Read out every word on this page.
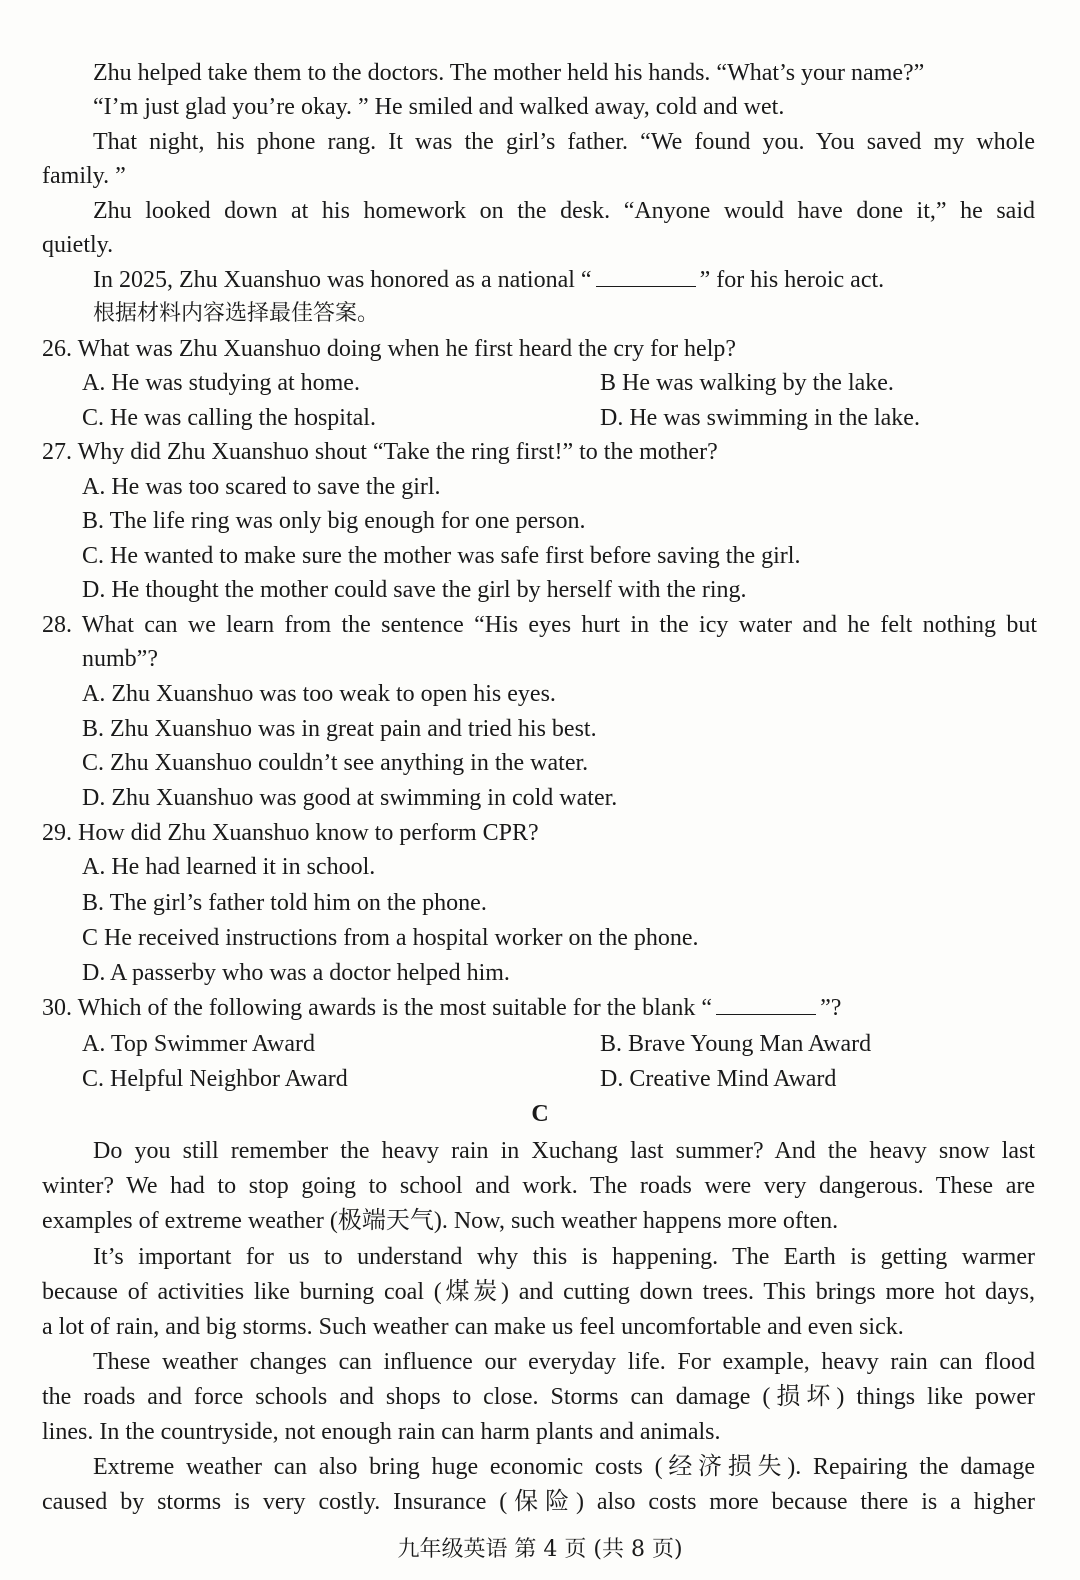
Zhu helped take them to the doctors. The mother held his hands. “What’s your name?”
“I’m just glad you’re okay. ” He smiled and walked away, cold and wet.
That night, his phone rang. It was the girl’s father. “We found you. You saved my whole
family. ”
Zhu looked down at his homework on the desk. “Anyone would have done it,” he said
quietly.
In 2025, Zhu Xuanshuo was honored as a national “	” for his heroic act.
根据材料内容选择最佳答案。
26. What was Zhu Xuanshuo doing when he first heard the cry for help?
A. He was studying at home.	B He was walking by the lake.
C. He was calling the hospital.	D. He was swimming in the lake.
27. Why did Zhu Xuanshuo shout “Take the ring first!” to the mother?
A. He was too scared to save the girl.
B. The life ring was only big enough for one person.
C. He wanted to make sure the mother was safe first before saving the girl.
D. He thought the mother could save the girl by herself with the ring.
28. What can we learn from the sentence “His eyes hurt in the icy water and he felt nothing but
numb”?
A. Zhu Xuanshuo was too weak to open his eyes.
B. Zhu Xuanshuo was in great pain and tried his best.
C. Zhu Xuanshuo couldn’t see anything in the water.
D. Zhu Xuanshuo was good at swimming in cold water.
29. How did Zhu Xuanshuo know to perform CPR?
A. He had learned it in school.
B. The girl’s father told him on the phone.
C He received instructions from a hospital worker on the phone.
D. A passerby who was a doctor helped him.
30. Which of the following awards is the most suitable for the blank “	”?
A. Top Swimmer Award	B. Brave Young Man Award
C. Helpful Neighbor Award	D. Creative Mind Award
C
Do you still remember the heavy rain in Xuchang last summer? And the heavy snow last
winter? We had to stop going to school and work. The roads were very dangerous. These are
examples of extreme weather (极端天气). Now, such weather happens more often.
It’s important for us to understand why this is happening. The Earth is getting warmer
because of activities like burning coal (煤炭) and cutting down trees. This brings more hot days,
a lot of rain, and big storms. Such weather can make us feel uncomfortable and even sick.
These weather changes can influence our everyday life. For example, heavy rain can flood
the roads and force schools and shops to close. Storms can damage (损坏) things like power
lines. In the countryside, not enough rain can harm plants and animals.
Extreme weather can also bring huge economic costs (经济损失). Repairing the damage
caused by storms is very costly. Insurance (保险) also costs more because there is a higher
九年级英语 第 4 页 (共 8 页)
